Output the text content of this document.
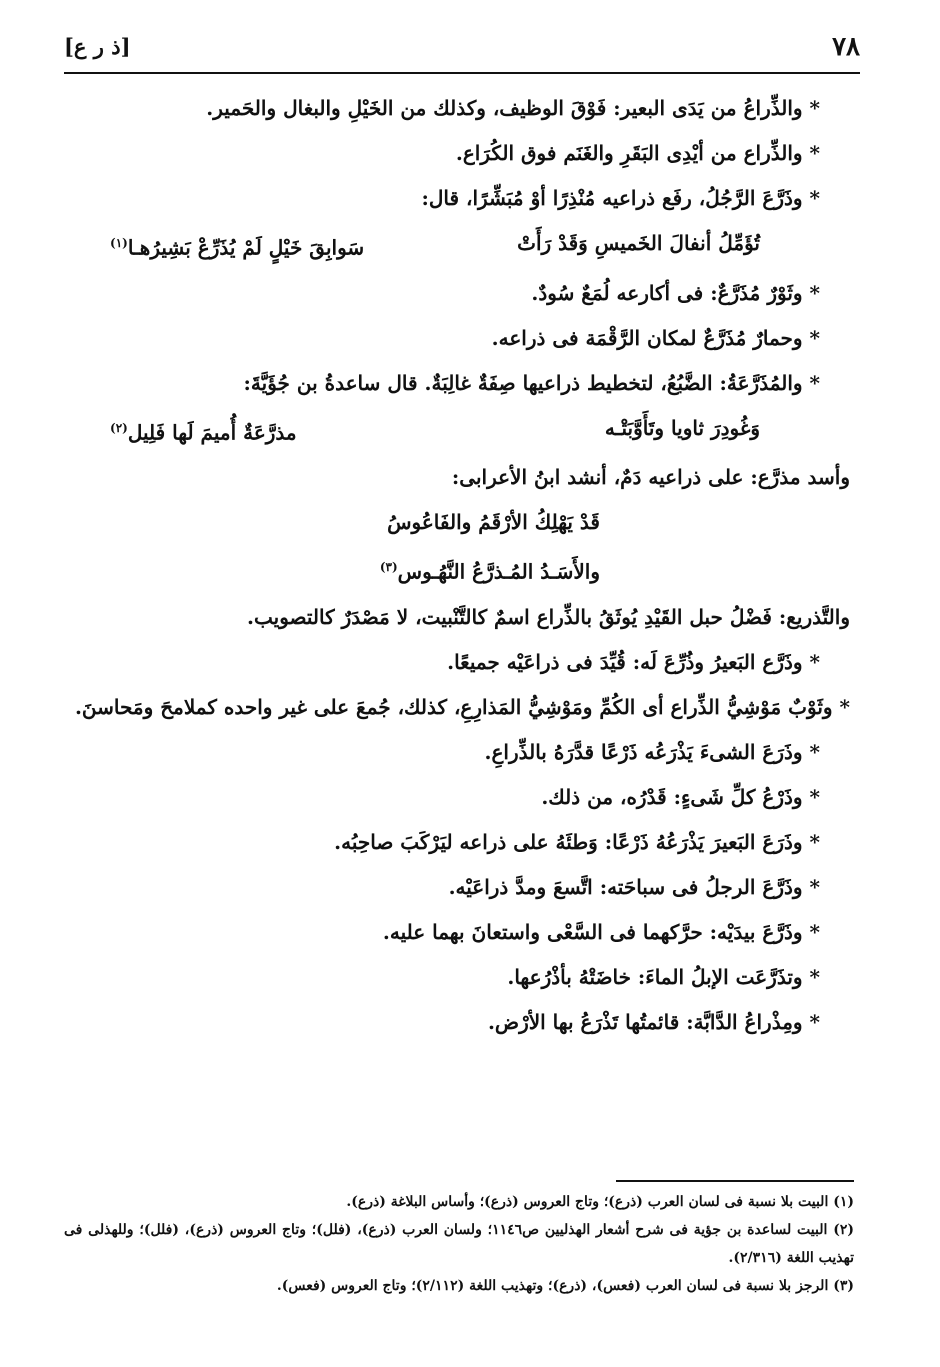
٧٨
[ذ ر ع]

* والذِّراعُ من يَدَى البعير: فَوْقَ الوظيف، وكذلك من الخَيْلِ والبغال والحَمير.

* والذِّراع من أيْدِى البَقَرِ والغَنَم فوق الكُرَاع.

* وذَرَّعَ الرَّجُلُ، رفَع ذراعيه مُنْذِرًا أوْ مُبَشِّرًا، قال:

تُؤَمِّلُ أنفالَ الخَميسِ وَقَدْ رَأَتْ
سَوابِقَ خَيْلٍ لَمْ يُذَرِّعْ بَشِيرُهـا$^{(١)}$

* وثَوْرٌ مُذَرَّعٌ: فى أكارعه لُمَعٌ سُودٌ.

* وحمارٌ مُذَرَّعٌ لمكان الرَّقْمَة فى ذراعه.

* والمُذَرَّعَةُ: الضَّبُعُ، لتخطيط ذراعيها صِفَةٌ غالِبَةٌ. قال ساعدةُ بن جُؤَيَّةَ:

وَغُودِرَ ثاويا وتَأَوَّبَتْـه
مذرَّعَةٌ أُميمَ لَها فَلِيل$^{(٢)}$

وأسد مذرَّع: على ذراعيه دَمٌ، أنشد ابنُ الأعرابى:

قَدْ يَهْلِكُ الأرْقَمُ والفَاعُوسُ
والأَسَـدُ المُـذرَّعُ النَّهُـوس$^{(٣)}$

والتَّذريع: فَضْلُ حبل القَيْدِ يُوثَقُ بالذِّراع اسمٌ كالتَّنْبيت، لا مَصْدَرٌ كالتصويب.

* وذَرَّع البَعيرُ وذُرِّعَ لَه: قُيِّدَ فى ذراعَيْه جميعًا.

* وثَوْبٌ مَوْشِيُّ الذِّراع أى الكُمِّ ومَوْشِيُّ المَذارِعِ، كذلك، جُمعَ على غير واحده كملامحَ ومَحاسنَ.

* وذَرَعَ الشىءَ يَذْرَعُه ذَرْعًا قدَّرَهُ بالذِّراعِ.

* وذَرْعُ كلِّ شَىءٍ: قَدْرُه، من ذلك.

* وذَرَعَ البَعيرَ يَذْرَعُهُ ذَرْعًا: وَطئَهُ على ذراعه ليَرْكَبَ صاحِبُه.

* وذَرَّعَ الرجلُ فى سباحَته: اتَّسعَ ومدَّ ذراعَيْه.

* وذَرَّعَ بيدَيْه: حرَّكهما فى السَّعْى واستعانَ بهما عليه.

* وتذَرَّعَت الإبلُ الماءَ: خاضَتْهُ بأذْرُعها.

* ومِذْراعُ الدَّابَّة: قائمتُها تَذْرَعُ بها الأرْض.

(١) البيت بلا نسبة فى لسان العرب (ذرع)؛ وتاج العروس (ذرع)؛ وأساس البلاغة (ذرع).

(٢) البيت لساعدة بن جؤية فى شرح أشعار الهذليين ص١١٤٦؛ ولسان العرب (ذرع)، (فلل)؛ وتاج العروس (ذرع)، (فلل)؛ وللهذلى فى تهذيب اللغة (٢/٣١٦).

(٣) الرجز بلا نسبة فى لسان العرب (فعس)، (ذرع)؛ وتهذيب اللغة (٢/١١٢)؛ وتاج العروس (فعس).
